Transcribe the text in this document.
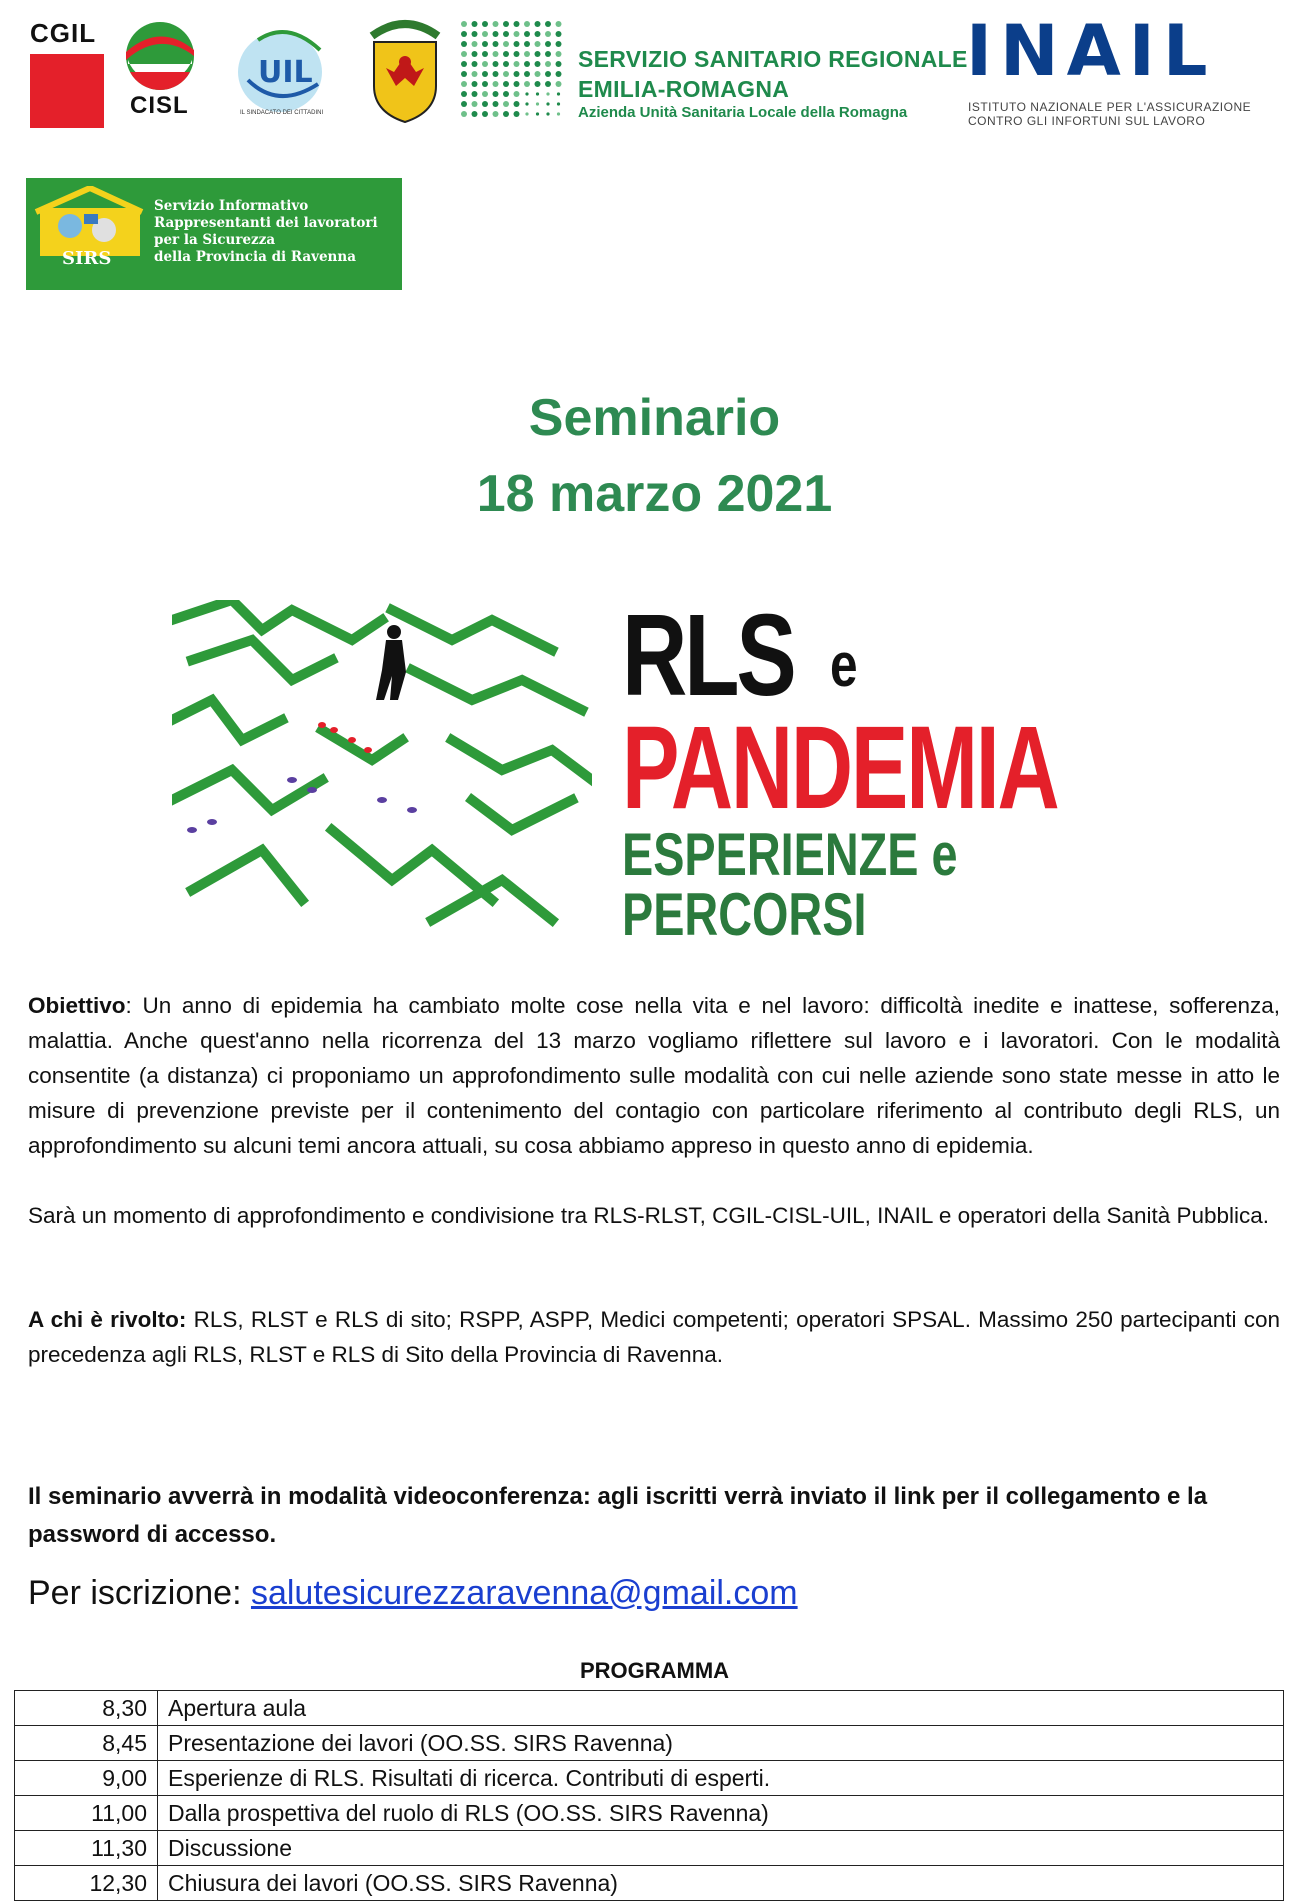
CGIL
CISL
UIL
IL SINDACATO DEI CITTADINI
SERVIZIO SANITARIO REGIONALE
EMILIA-ROMAGNA
Azienda Unità Sanitaria Locale della Romagna
INAIL
ISTITUTO NAZIONALE PER L'ASSICURAZIONE
CONTRO GLI INFORTUNI SUL LAVORO
SIRS
Servizio Informativo
Rappresentanti dei lavoratori
per la Sicurezza
della Provincia di Ravenna
Seminario
18 marzo 2021
RLS e
PANDEMIA
ESPERIENZE e
PERCORSI
Obiettivo: Un anno di epidemia ha cambiato molte cose nella vita e nel lavoro: difficoltà inedite e inattese, sofferenza, malattia. Anche quest'anno nella ricorrenza del 13 marzo vogliamo riflettere sul lavoro e i lavoratori. Con le modalità consentite (a distanza) ci proponiamo un approfondimento sulle modalità con cui nelle aziende sono state messe in atto le misure di prevenzione previste per il contenimento del contagio con particolare riferimento al contributo degli RLS, un approfondimento su alcuni temi ancora attuali, su cosa abbiamo appreso in questo anno di epidemia.
Sarà un momento di approfondimento e condivisione tra RLS-RLST, CGIL-CISL-UIL, INAIL e operatori della Sanità Pubblica.
A chi è rivolto: RLS, RLST e RLS di sito; RSPP, ASPP, Medici competenti; operatori SPSAL. Massimo 250 partecipanti con precedenza agli RLS, RLST e RLS di Sito della Provincia di Ravenna.
Il seminario avverrà in modalità videoconferenza: agli iscritti verrà inviato il link per il collegamento e la password di accesso.
Per iscrizione: salutesicurezzaravenna@gmail.com
PROGRAMMA
8,30	Apertura aula
8,45	Presentazione dei lavori (OO.SS. SIRS Ravenna)
9,00	Esperienze di RLS. Risultati di ricerca. Contributi di esperti.
11,00	Dalla prospettiva del ruolo di RLS (OO.SS. SIRS Ravenna)
11,30	Discussione
12,30	Chiusura dei lavori (OO.SS. SIRS Ravenna)
